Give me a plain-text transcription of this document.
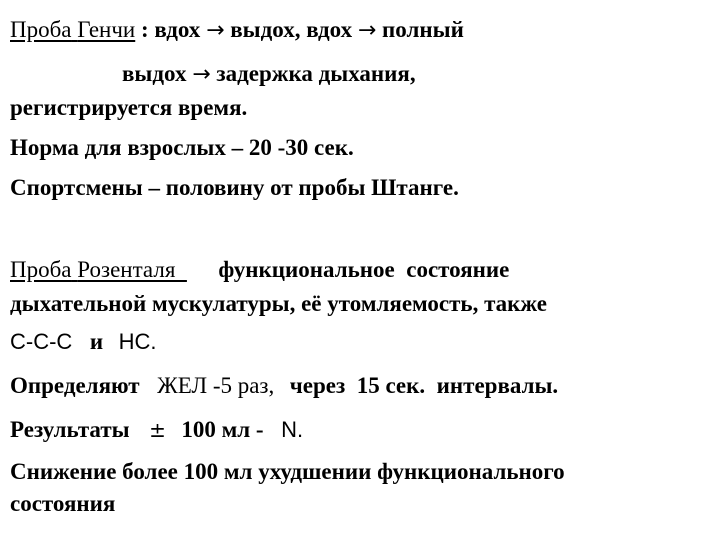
Проба Генчи : вдох → выдох, вдох → полный
выдох → задержка дыхания,
регистрируется время.
Норма для взрослых – 20 -30 сек.
Спортсмены – половину от пробы Штанге.
Проба Розенталя    функциональное  состояние
дыхательной мускулатуры, её утомляемость, также
С-С-С и НС.
Определяют ЖЕЛ -5 раз, через  15 сек.  интервалы.
Результаты ± 100 мл - N.
Снижение более 100 мл ухудшении функционального
состояния
